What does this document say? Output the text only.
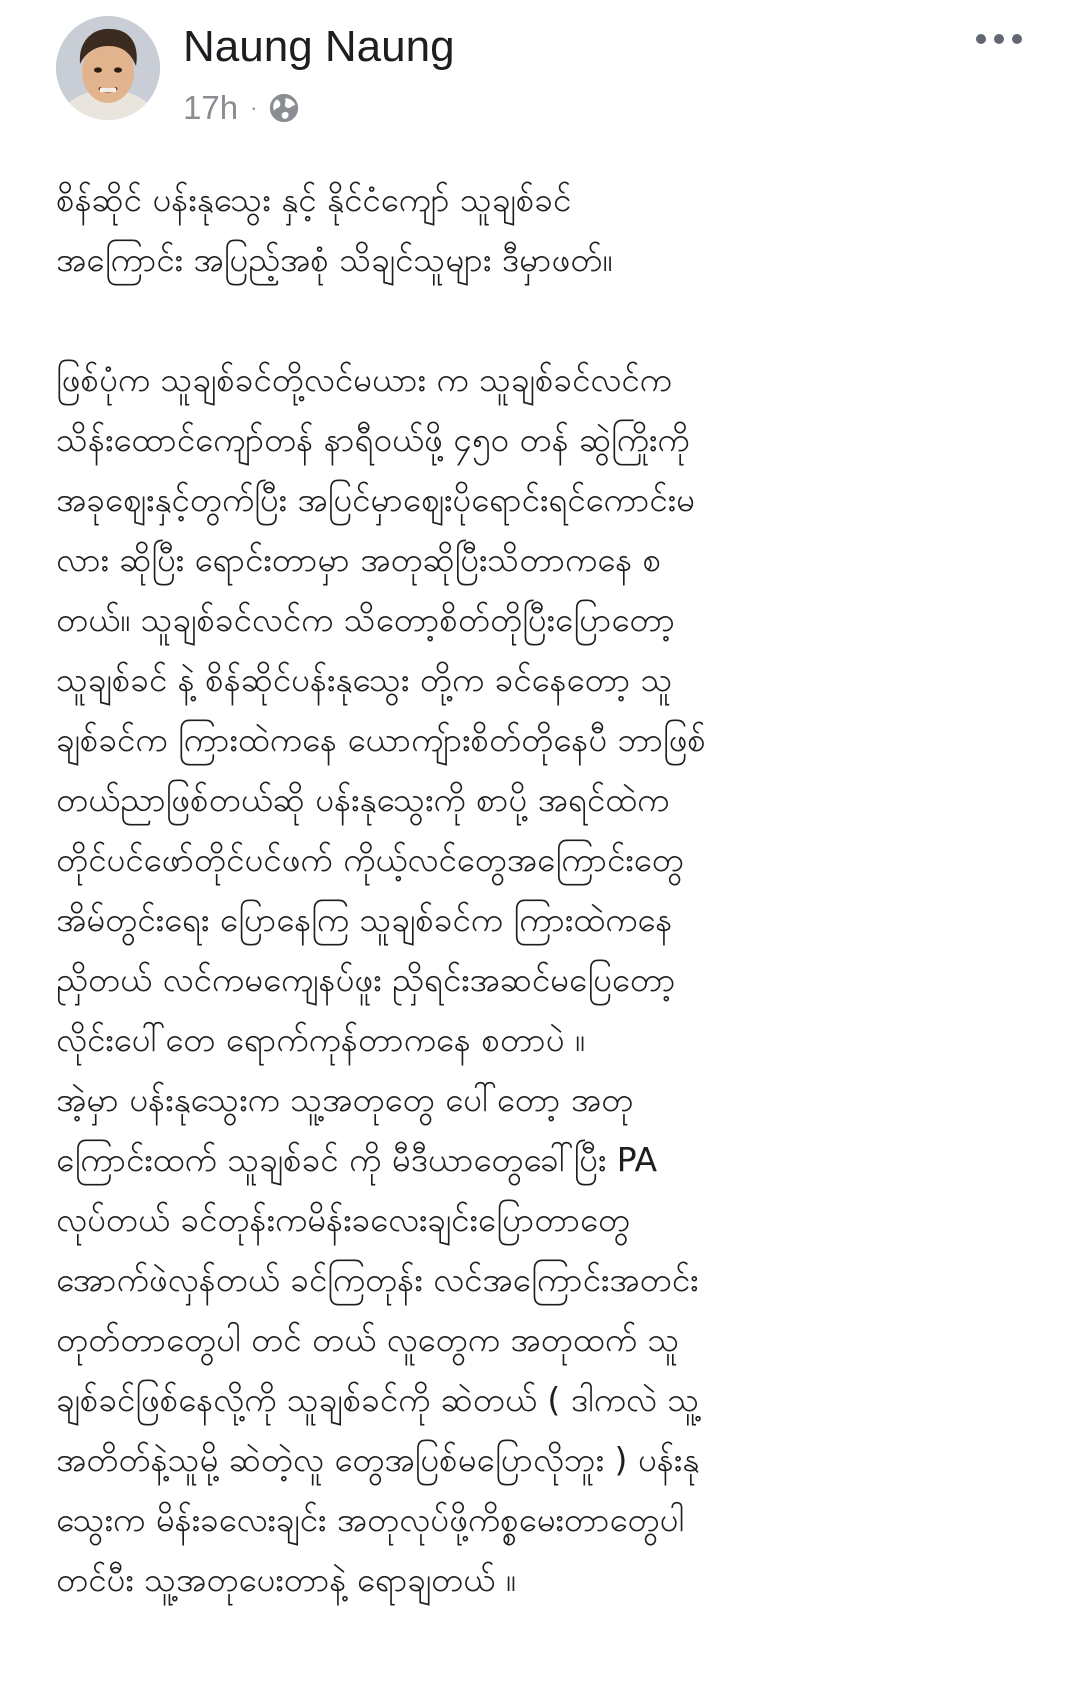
Naung Naung
17h ·

စိန်ဆိုင် ပန်းနုသွေး နှင့် နိုင်ငံကျော် သူချစ်ခင်
အကြောင်း အပြည့်အစုံ သိချင်သူများ ဒီမှာဖတ်။

ဖြစ်ပုံက သူချစ်ခင်တို့လင်မယား က သူချစ်ခင်လင်က
သိန်းထောင်ကျော်တန် နာရီဝယ်ဖို့ ၄၅၀ တန် ဆွဲကြိုးကို
အခုဈေးနှင့်တွက်ပြီး အပြင်မှာဈေးပိုရောင်းရင်ကောင်းမ
လား ဆိုပြီး ရောင်းတာမှာ အတုဆိုပြီးသိတာကနေ စ
တယ်။ သူချစ်ခင်လင်က သိတော့စိတ်တိုပြီးပြောတော့
သူချစ်ခင် နဲ့ စိန်ဆိုင်ပန်းနုသွေး တို့က ခင်နေတော့ သူ
ချစ်ခင်က ကြားထဲကနေ ယောကျ်ားစိတ်တိုနေပီ ဘာဖြစ်
တယ်ညာဖြစ်တယ်ဆို ပန်းနုသွေးကို စာပို့ အရင်ထဲက
တိုင်ပင်ဖော်တိုင်ပင်ဖက် ကိုယ့်လင်တွေအကြောင်းတွေ
အိမ်တွင်းရေး ပြောနေကြ သူချစ်ခင်က ကြားထဲကနေ
ညှိတယ် လင်ကမကျေနပ်ဖူး ညှိရင်းအဆင်မပြေတော့
လိုင်းပေါ်တေ ရောက်ကုန်တာကနေ စတာပဲ ။

အဲ့မှာ ပန်းနုသွေးက သူ့အတုတွေ ပေါ်တော့ အတု
ကြောင်းထက် သူချစ်ခင် ကို မီဒီယာတွေခေါ်ပြီး PA
လုပ်တယ် ခင်တုန်းကမိန်းခလေးချင်းပြောတာတွေ
အောက်ဖဲလှန်တယ် ခင်ကြတုန်း လင်အကြောင်းအတင်း
တုတ်တာတွေပါ တင် တယ် လူတွေက အတုထက် သူ
ချစ်ခင်ဖြစ်နေလို့ကို သူချစ်ခင်ကို ဆဲတယ် ( ဒါကလဲ သူ့
အတိတ်နဲ့သူမို့ ဆဲတဲ့လူ တွေအပြစ်မပြောလိုဘူး ) ပန်းနု
သွေးက မိန်းခလေးချင်း အတုလုပ်ဖို့ကိစ္စမေးတာတွေပါ
တင်ပီး သူ့အတုပေးတာနဲ့ ရောချတယ် ။
